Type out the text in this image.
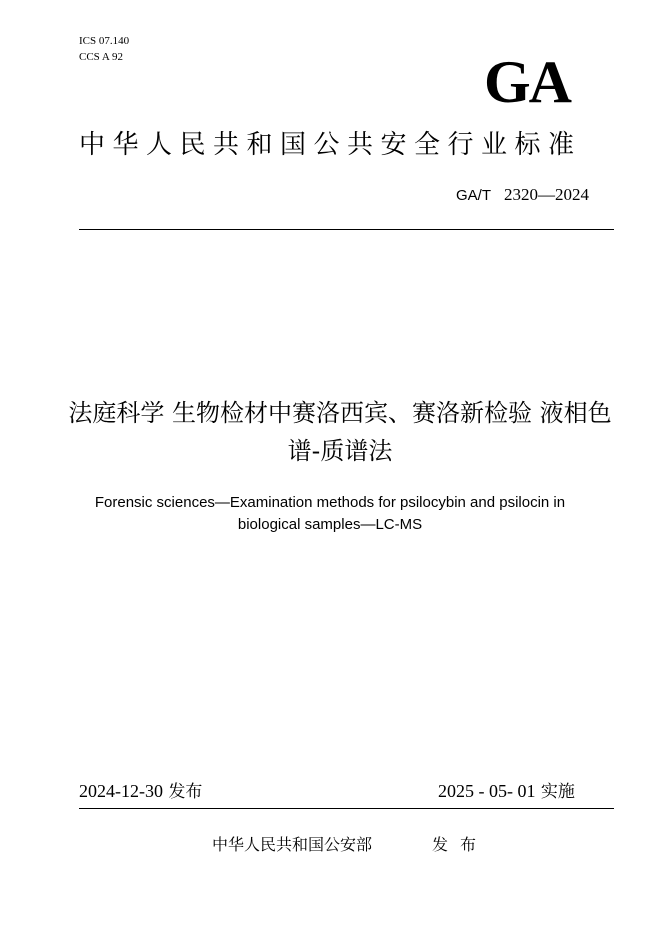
ICS 07.140
CCS A 92	GA
中华人民共和国公共安全行业标准
GA/T 2320—2024
法庭科学 生物检材中赛洛西宾、赛洛新检验 液相色谱-质谱法
Forensic sciences—Examination methods for psilocybin and psilocin in biological samples—LC-MS
2024-12-30 发布	2025 - 05- 01 实施
中华人民共和国公安部	发布
